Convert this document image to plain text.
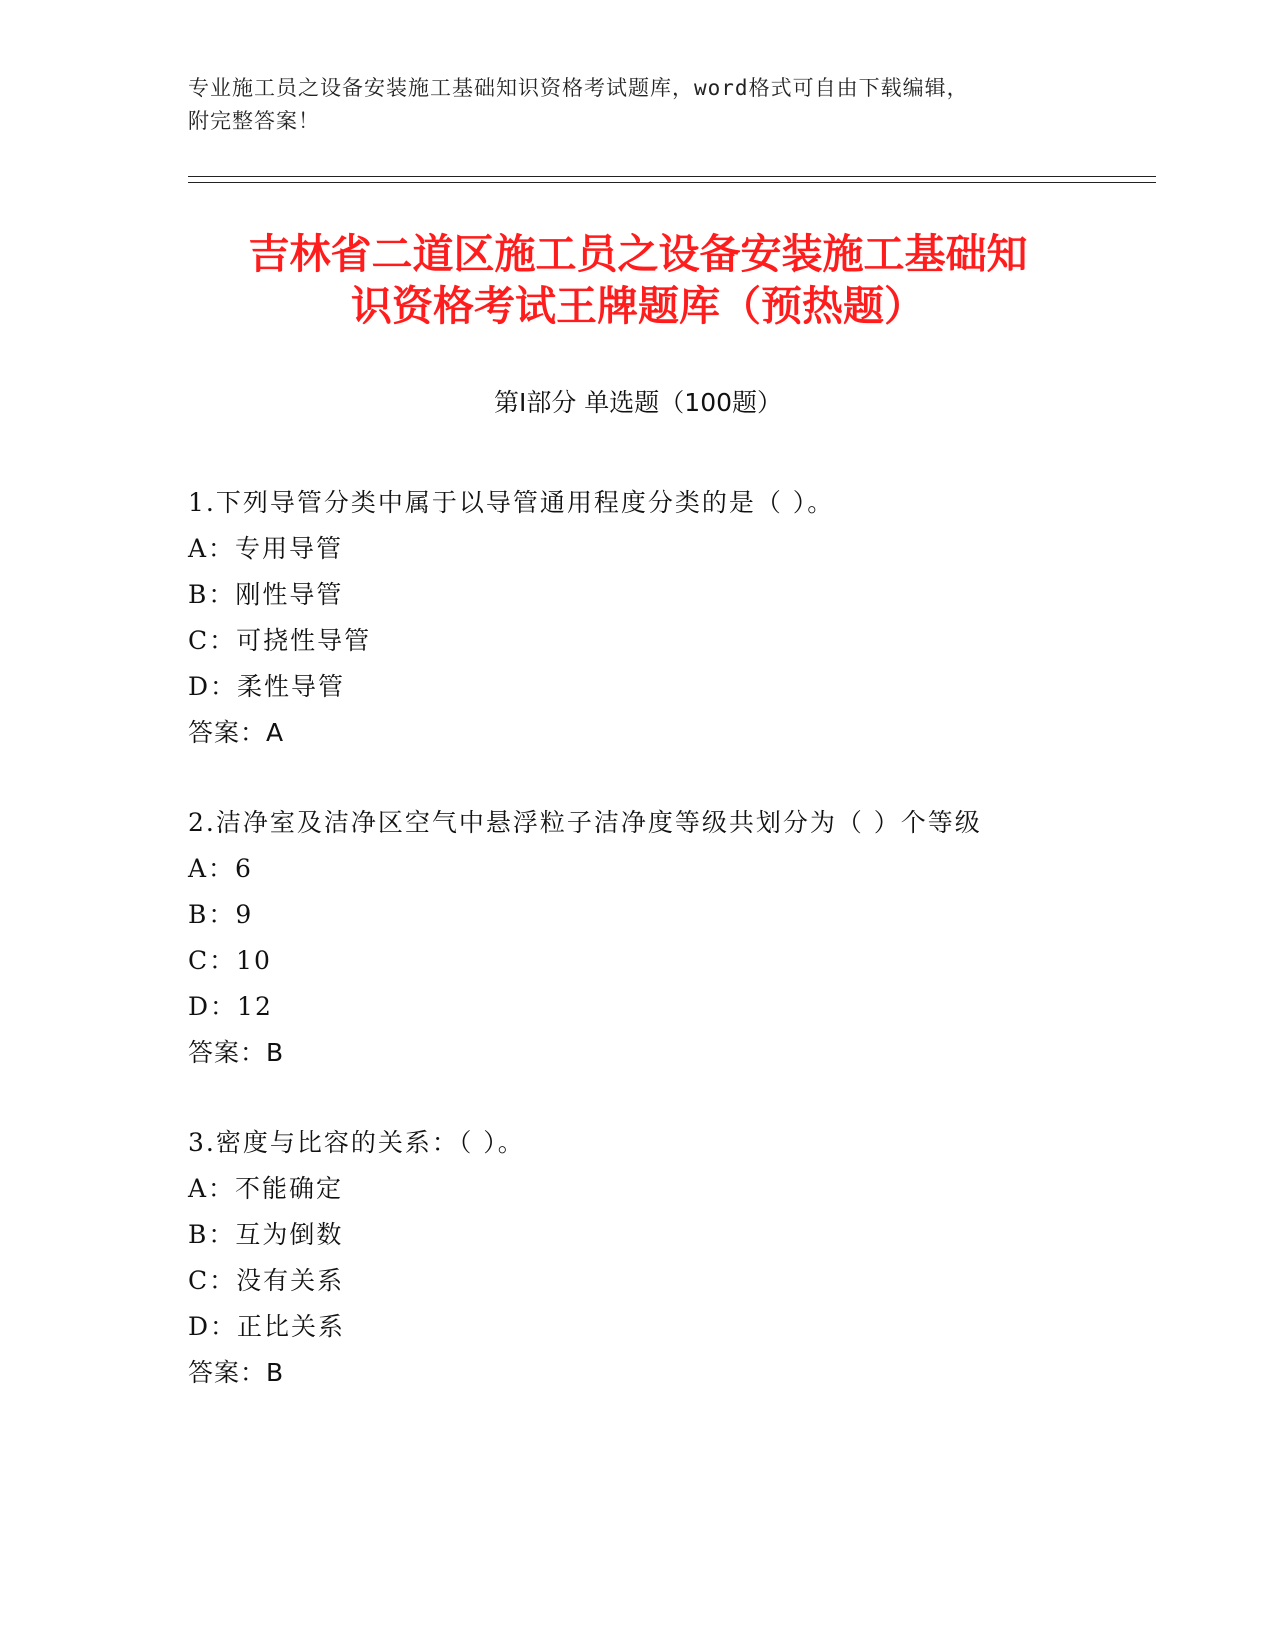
专业施工员之设备安装施工基础知识资格考试题库，word格式可自由下载编辑，
附完整答案！
吉林省二道区施工员之设备安装施工基础知
识资格考试王牌题库（预热题）
第Ⅰ部分 单选题（100题）
1.下列导管分类中属于以导管通用程度分类的是（ ）。
A：专用导管
B：刚性导管
C：可挠性导管
D：柔性导管
答案：A
2.洁净室及洁净区空气中悬浮粒子洁净度等级共划分为（ ）个等级
A：6
B：9
C：10
D：12
答案：B
3.密度与比容的关系：（ ）。
A：不能确定
B：互为倒数
C：没有关系
D：正比关系
答案：B
